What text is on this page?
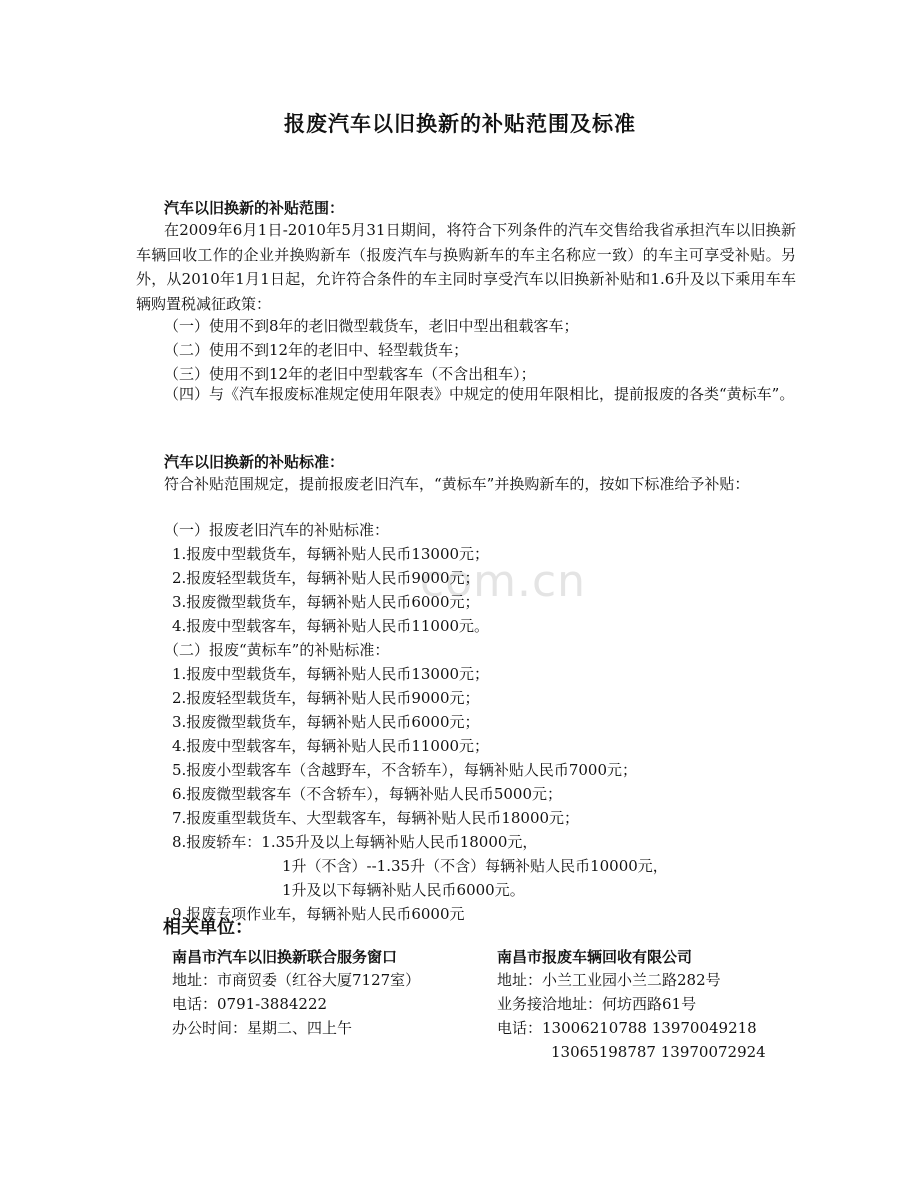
com.cn
报废汽车以旧换新的补贴范围及标准
汽车以旧换新的补贴范围：

在2009年6月1日-2010年5月31日期间，将符合下列条件的汽车交售给我省承担汽车以旧换新车辆回收工作的企业并换购新车（报废汽车与换购新车的车主名称应一致）的车主可享受补贴。另外，从2010年1月1日起，允许符合条件的车主同时享受汽车以旧换新补贴和1.6升及以下乘用车车辆购置税减征政策：

（一）使用不到8年的老旧微型载货车，老旧中型出租载客车；
（二）使用不到12年的老旧中、轻型载货车；
（三）使用不到12年的老旧中型载客车（不含出租车）；

（四）与《汽车报废标准规定使用年限表》中规定的使用年限相比，提前报废的各类“黄标车”。

汽车以旧换新的补贴标准：

符合补贴范围规定，提前报废老旧汽车，“黄标车”并换购新车的，按如下标准给予补贴：

（一）报废老旧汽车的补贴标准：
1.报废中型载货车，每辆补贴人民币13000元；
2.报废轻型载货车，每辆补贴人民币9000元；
3.报废微型载货车，每辆补贴人民币6000元；
4.报废中型载客车，每辆补贴人民币11000元。
（二）报废“黄标车”的补贴标准：
1.报废中型载货车，每辆补贴人民币13000元；
2.报废轻型载货车，每辆补贴人民币9000元；
3.报废微型载货车，每辆补贴人民币6000元；
4.报废中型载客车，每辆补贴人民币11000元；
5.报废小型载客车（含越野车，不含轿车），每辆补贴人民币7000元；
6.报废微型载客车（不含轿车），每辆补贴人民币5000元；
7.报废重型载货车、大型载客车，每辆补贴人民币18000元；
8.报废轿车：1.35升及以上每辆补贴人民币18000元，
1升（不含）--1.35升（不含）每辆补贴人民币10000元，
1升及以下每辆补贴人民币6000元。
9.报废专项作业车，每辆补贴人民币6000元
相关单位：
南昌市汽车以旧换新联合服务窗口
地址：市商贸委（红谷大厦7127室）
电话：0791-3884222
办公时间：星期二、四上午
南昌市报废车辆回收有限公司
地址：小兰工业园小兰二路282号
业务接洽地址：何坊西路61号
电话：13006210788 13970049218
13065198787 13970072924
